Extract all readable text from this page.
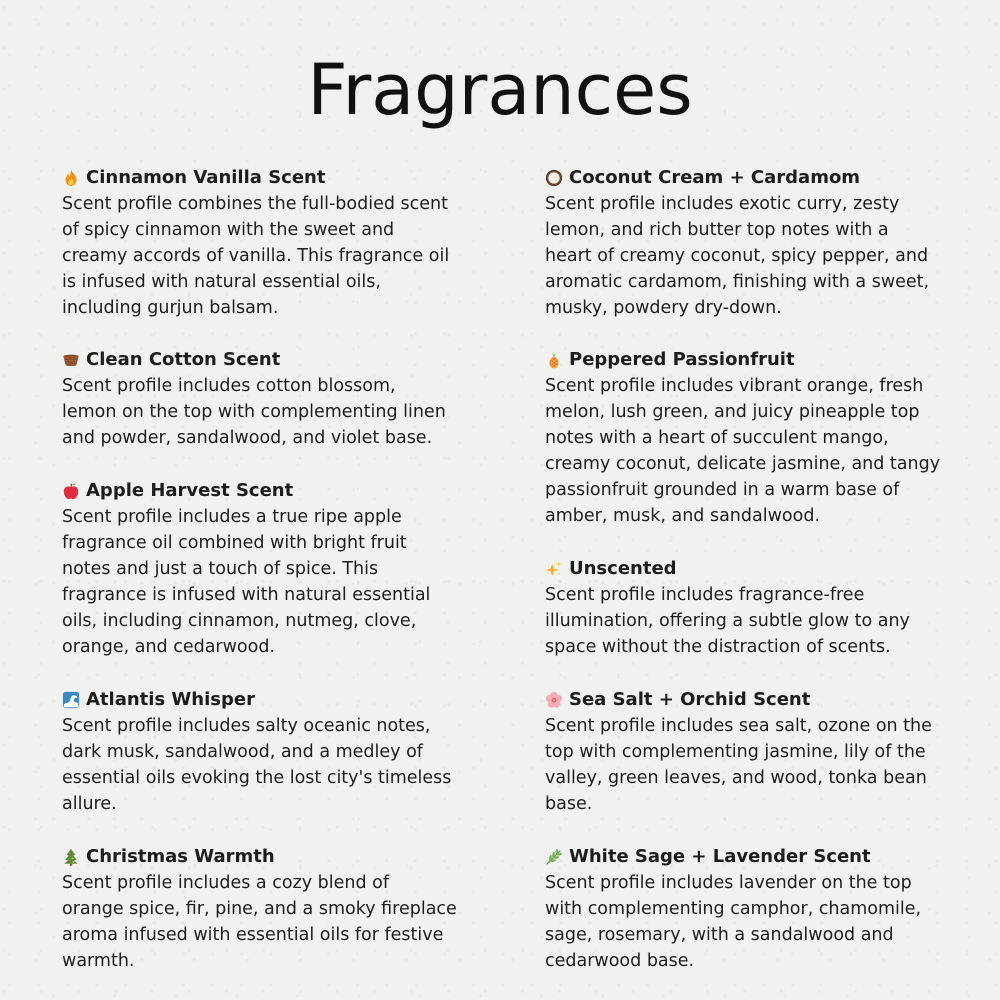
Fragrances
Cinnamon Vanilla Scent

Scent profile combines the full-bodied scent
of spicy cinnamon with the sweet and
creamy accords of vanilla. This fragrance oil
is infused with natural essential oils,
including gurjun balsam.

Clean Cotton Scent

Scent profile includes cotton blossom,
lemon on the top with complementing linen
and powder, sandalwood, and violet base.

Apple Harvest Scent

Scent profile includes a true ripe apple
fragrance oil combined with bright fruit
notes and just a touch of spice. This
fragrance is infused with natural essential
oils, including cinnamon, nutmeg, clove,
orange, and cedarwood.

Atlantis Whisper

Scent profile includes salty oceanic notes,
dark musk, sandalwood, and a medley of
essential oils evoking the lost city's timeless
allure.

Christmas Warmth

Scent profile includes a cozy blend of
orange spice, fir, pine, and a smoky fireplace
aroma infused with essential oils for festive
warmth.

Coconut Cream + Cardamom

Scent profile includes exotic curry, zesty
lemon, and rich butter top notes with a
heart of creamy coconut, spicy pepper, and
aromatic cardamom, finishing with a sweet,
musky, powdery dry-down.

Peppered Passionfruit

Scent profile includes vibrant orange, fresh
melon, lush green, and juicy pineapple top
notes with a heart of succulent mango,
creamy coconut, delicate jasmine, and tangy
passionfruit grounded in a warm base of
amber, musk, and sandalwood.

Unscented

Scent profile includes fragrance-free
illumination, offering a subtle glow to any
space without the distraction of scents.

Sea Salt + Orchid Scent

Scent profile includes sea salt, ozone on the
top with complementing jasmine, lily of the
valley, green leaves, and wood, tonka bean
base.

White Sage + Lavender Scent

Scent profile includes lavender on the top
with complementing camphor, chamomile,
sage, rosemary, with a sandalwood and
cedarwood base.
